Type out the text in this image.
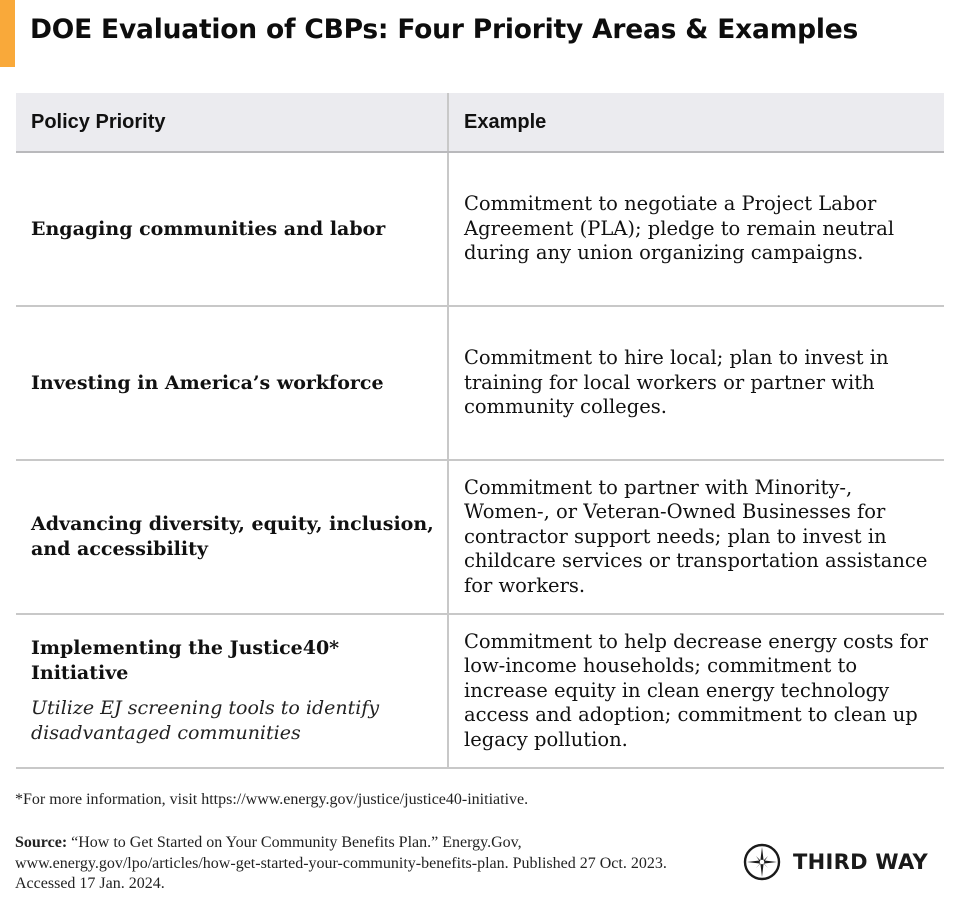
DOE Evaluation of CBPs: Four Priority Areas & Examples
Policy Priority	Example
Engaging communities and labor
Commitment to negotiate a Project Labor Agreement (PLA); pledge to remain neutral during any union organizing campaigns.
Investing in America’s workforce
Commitment to hire local; plan to invest in training for local workers or partner with community colleges.
Advancing diversity, equity, inclusion, and accessibility
Commitment to partner with Minority-, Women-, or Veteran-Owned Businesses for contractor support needs; plan to invest in childcare services or transportation assistance for workers.
Implementing the Justice40* Initiative
Utilize EJ screening tools to identify disadvantaged communities
Commitment to help decrease energy costs for low-income households; commitment to increase equity in clean energy technology access and adoption; commitment to clean up legacy pollution.
*For more information, visit https://www.energy.gov/justice/justice40-initiative.
Source: “How to Get Started on Your Community Benefits Plan.” Energy.Gov, www.energy.gov/lpo/articles/how-get-started-your-community-benefits-plan. Published 27 Oct. 2023. Accessed 17 Jan. 2024.
THIRD WAY
